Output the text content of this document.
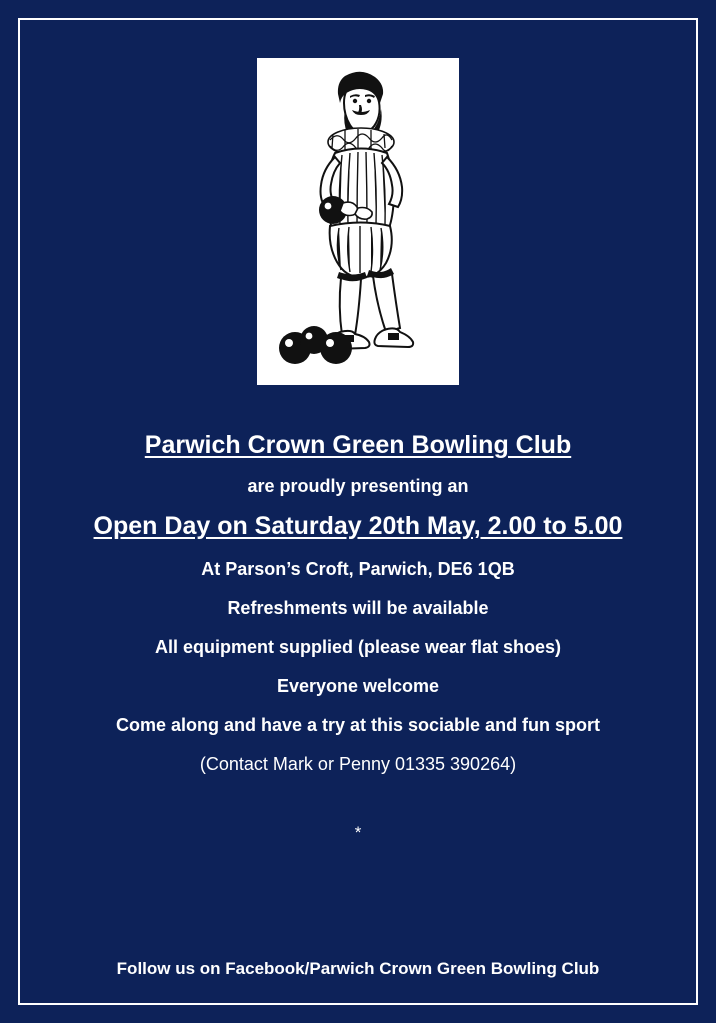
Parwich Crown Green Bowling Club

are proudly presenting an

Open Day on Saturday 20th May, 2.00 to 5.00

At Parson’s Croft, Parwich, DE6 1QB

Refreshments will be available

All equipment supplied (please wear flat shoes)

Everyone welcome

Come along and have a try at this sociable and fun sport

(Contact Mark or Penny 01335 390264)

*

Follow us on Facebook/Parwich Crown Green Bowling Club
